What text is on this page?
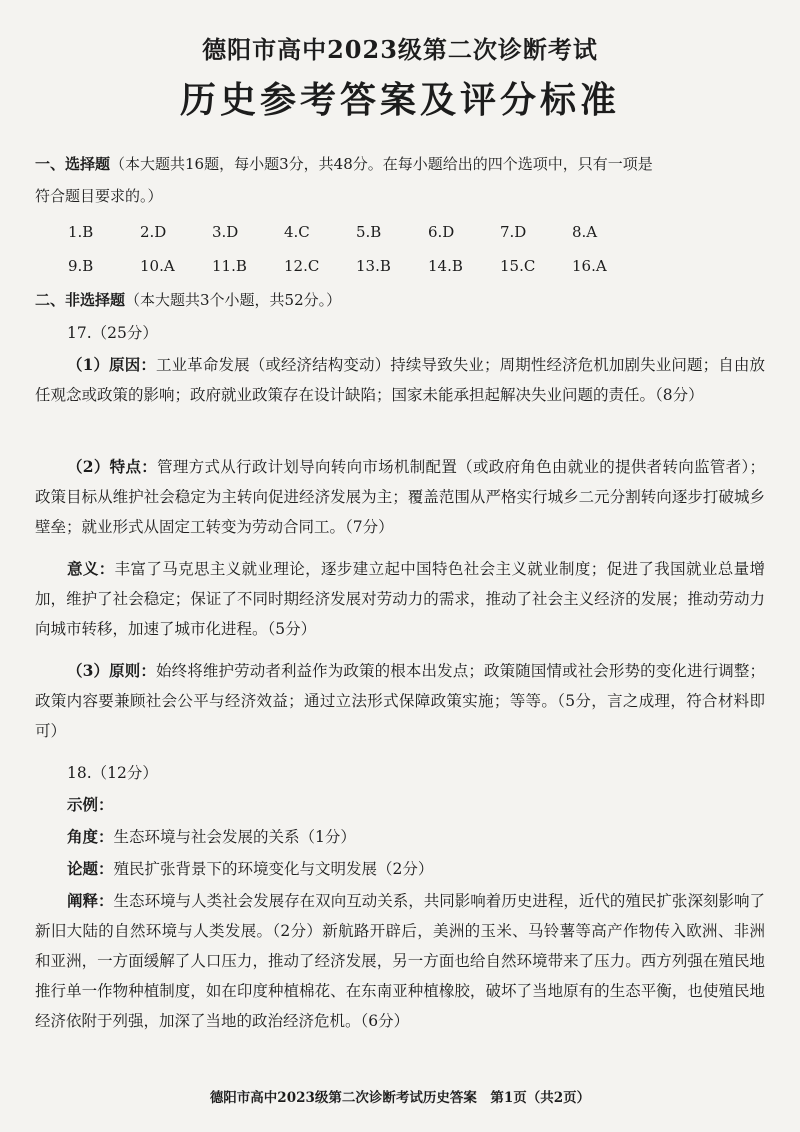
德阳市高中2023级第二次诊断考试
历史参考答案及评分标准
一、选择题（本大题共16题，每小题3分，共48分。在每小题给出的四个选项中，只有一项是
符合题目要求的。）
1.B	2.D	3.D	4.C	5.B	6.D	7.D	8.A
9.B	10.A 11.B 12.C 13.B 14.B 15.C 16.A
二、非选择题（本大题共3个小题，共52分。）
17.（25分）
（1）原因：工业革命发展（或经济结构变动）持续导致失业；周期性经济危机加剧失业问题；自由放任观念或政策的影响；政府就业政策存在设计缺陷；国家未能承担起解决失业问题的责任。（8分）
（2）特点：管理方式从行政计划导向转向市场机制配置（或政府角色由就业的提供者转向监管者）；政策目标从维护社会稳定为主转向促进经济发展为主；覆盖范围从严格实行城乡二元分割转向逐步打破城乡壁垒；就业形式从固定工转变为劳动合同工。（7分）
意义：丰富了马克思主义就业理论，逐步建立起中国特色社会主义就业制度；促进了我国就业总量增加，维护了社会稳定；保证了不同时期经济发展对劳动力的需求，推动了社会主义经济的发展；推动劳动力向城市转移，加速了城市化进程。（5分）
（3）原则：始终将维护劳动者利益作为政策的根本出发点；政策随国情或社会形势的变化进行调整；政策内容要兼顾社会公平与经济效益；通过立法形式保障政策实施；等等。（5分，言之成理，符合材料即可）
18.（12分）
示例：
角度：生态环境与社会发展的关系（1分）
论题：殖民扩张背景下的环境变化与文明发展（2分）
阐释：生态环境与人类社会发展存在双向互动关系，共同影响着历史进程，近代的殖民扩张深刻影响了新旧大陆的自然环境与人类发展。（2分）新航路开辟后，美洲的玉米、马铃薯等高产作物传入欧洲、非洲和亚洲，一方面缓解了人口压力，推动了经济发展，另一方面也给自然环境带来了压力。西方列强在殖民地推行单一作物种植制度，如在印度种植棉花、在东南亚种植橡胶，破坏了当地原有的生态平衡，也使殖民地经济依附于列强，加深了当地的政治经济危机。（6分）
德阳市高中2023级第二次诊断考试历史答案　第1页（共2页）
